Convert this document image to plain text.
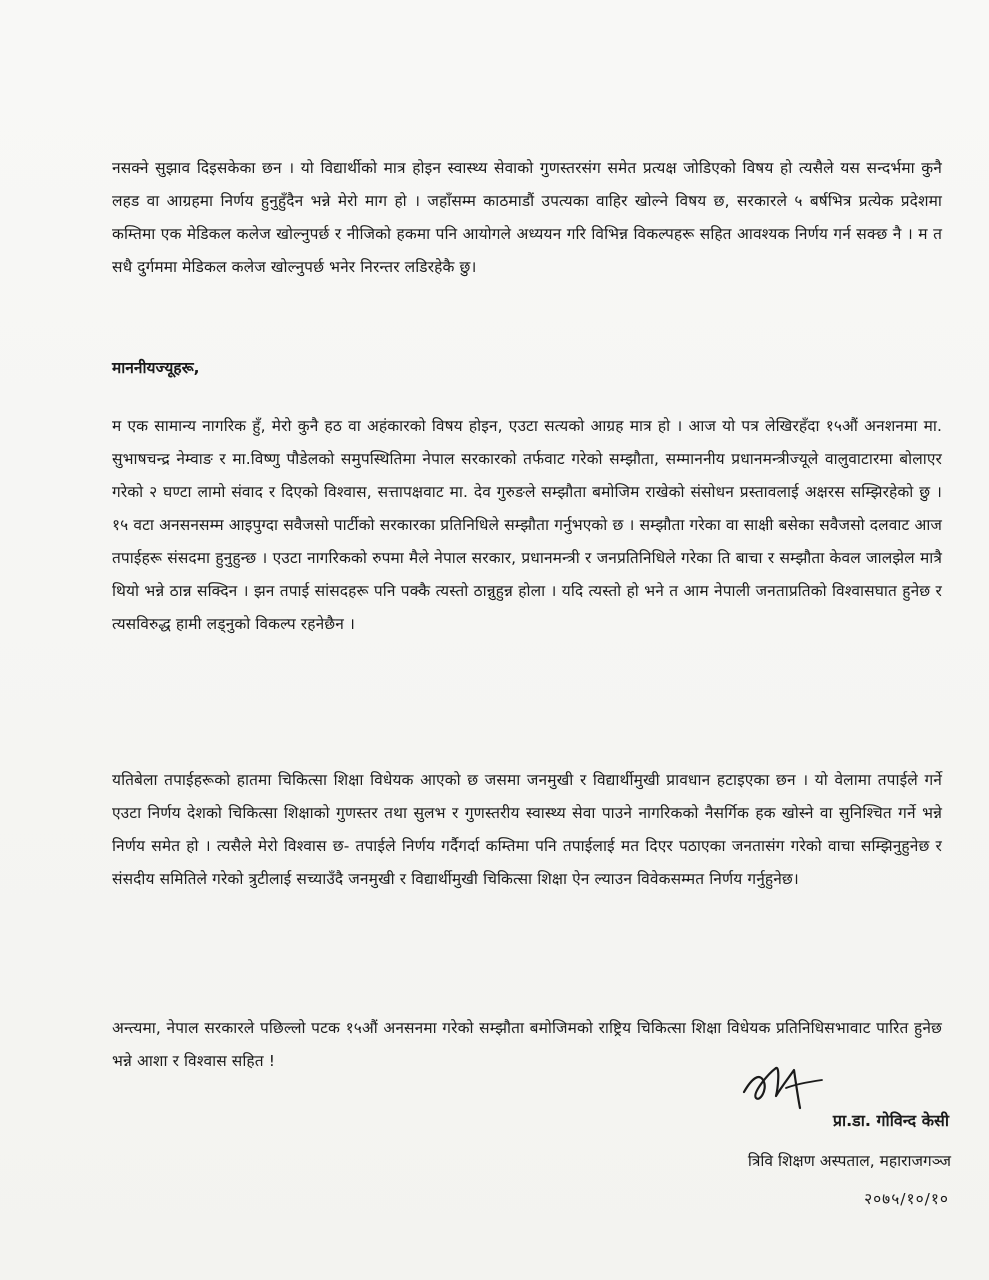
नसक्ने सुझाव दिइसकेका छन । यो विद्यार्थीको मात्र होइन स्वास्थ्य सेवाको गुणस्तरसंग समेत प्रत्यक्ष जोडिएको विषय हो त्यसैले यस सन्दर्भमा कुनै लहड वा आग्रहमा निर्णय हुनुहुँदैन भन्ने मेरो माग हो । जहाँसम्म काठमाडौं उपत्यका वाहिर खोल्ने विषय छ, सरकारले ५ बर्षभित्र प्रत्येक प्रदेशमा कम्तिमा एक मेडिकल कलेज खोल्नुपर्छ र नीजिको हकमा पनि आयोगले अध्ययन गरि विभिन्न विकल्पहरू सहित आवश्यक निर्णय गर्न सक्छ नै । म त सधै दुर्गममा मेडिकल कलेज खोल्नुपर्छ भनेर निरन्तर लडिरहेकै छु।

माननीयज्यूहरू,

म एक सामान्य नागरिक हुँ, मेरो कुनै हठ वा अहंकारको विषय होइन, एउटा सत्यको आग्रह मात्र हो । आज यो पत्र लेखिरहँदा १५औं अनशनमा मा. सुभाषचन्द्र नेम्वाङ र मा.विष्णु पौडेलको समुपस्थितिमा नेपाल सरकारको तर्फवाट गरेको सम्झौता, सम्माननीय प्रधानमन्त्रीज्यूले वालुवाटारमा बोलाएर गरेको २ घण्टा लामो संवाद र दिएको विश्वास, सत्तापक्षवाट मा. देव गुरुङले सम्झौता बमोजिम राखेको संसोधन प्रस्तावलाई अक्षरस सम्झिरहेको छु । १५ वटा अनसनसम्म आइपुग्दा सवैजसो पार्टीको सरकारका प्रतिनिधिले सम्झौता गर्नुभएको छ । सम्झौता गरेका वा साक्षी बसेका सवैजसो दलवाट आज तपाईहरू संसदमा हुनुहुन्छ । एउटा नागरिकको रुपमा मैले नेपाल सरकार, प्रधानमन्त्री र जनप्रतिनिधिले गरेका ति बाचा र सम्झौता केवल जालझेल मात्रै थियो भन्ने ठान्न सक्दिन । झन तपाई सांसदहरू पनि पक्कै त्यस्तो ठान्नुहुन्न होला । यदि त्यस्तो हो भने त आम नेपाली जनताप्रतिको विश्वासघात हुनेछ र त्यसविरुद्ध हामी लड्नुको विकल्प रहनेछैन ।

यतिबेला तपाईहरूको हातमा चिकित्सा शिक्षा विधेयक आएको छ जसमा जनमुखी र विद्यार्थीमुखी प्रावधान हटाइएका छन । यो वेलामा तपाईले गर्ने एउटा निर्णय देशको चिकित्सा शिक्षाको गुणस्तर तथा सुलभ र गुणस्तरीय स्वास्थ्य सेवा पाउने नागरिकको नैसर्गिक हक खोस्ने वा सुनिश्चित गर्ने भन्ने निर्णय समेत हो । त्यसैले मेरो विश्वास छ- तपाईले निर्णय गर्दैगर्दा कम्तिमा पनि तपाईलाई मत दिएर पठाएका जनतासंग गरेको वाचा सम्झिनुहुनेछ र संसदीय समितिले गरेको त्रुटीलाई सच्याउँदै जनमुखी र विद्यार्थीमुखी चिकित्सा शिक्षा ऐन ल्याउन विवेकसम्मत निर्णय गर्नुहुनेछ।

अन्त्यमा, नेपाल सरकारले पछिल्लो पटक १५औं अनसनमा गरेको सम्झौता बमोजिमको राष्ट्रिय चिकित्सा शिक्षा विधेयक प्रतिनिधिसभावाट पारित हुनेछ भन्ने आशा र विश्वास सहित !

प्रा.डा. गोविन्द केसी
त्रिवि शिक्षण अस्पताल, महाराजगञ्ज
२०७५/१०/१०
